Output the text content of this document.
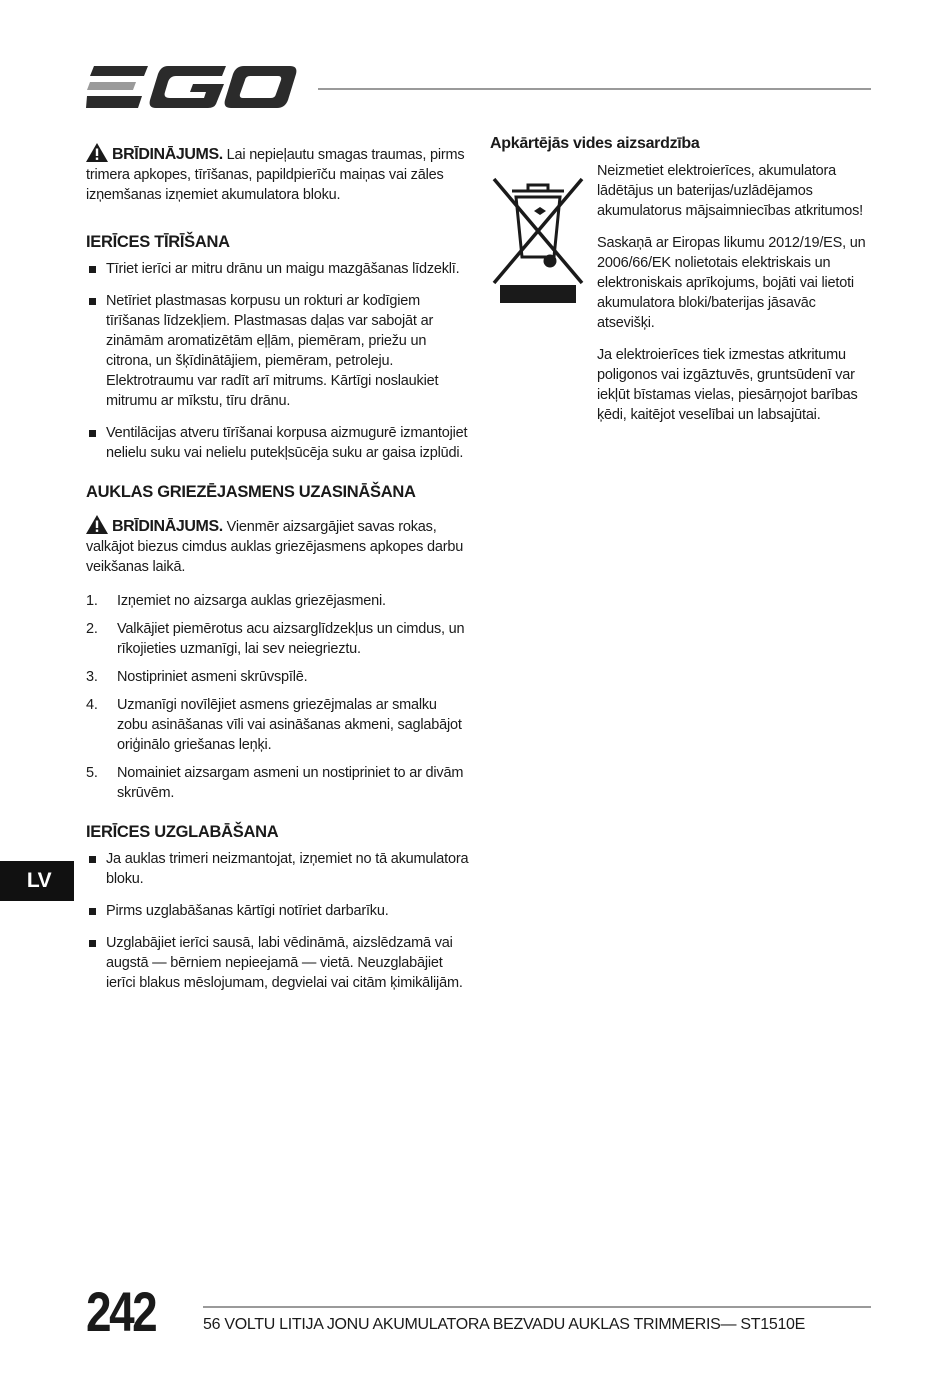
BRĪDINĀJUMS. Lai nepieļautu smagas traumas, pirms trimera apkopes, tīrīšanas, papildpierīču maiņas vai zāles izņemšanas izņemiet akumulatora bloku.

IERĪCES TĪRĪŠANA
Tīriet ierīci ar mitru drānu un maigu mazgāšanas līdzeklī.
Netīriet plastmasas korpusu un rokturi ar kodīgiem tīrīšanas līdzekļiem. Plastmasas daļas var sabojāt ar zināmām aromatizētām eļļām, piemēram, priežu un citrona, un šķīdinātājiem, piemēram, petroleju. Elektrotraumu var radīt arī mitrums. Kārtīgi noslaukiet mitrumu ar mīkstu, tīru drānu.
Ventilācijas atveru tīrīšanai korpusa aizmugurē izmantojiet nelielu suku vai nelielu putekļsūcēja suku ar gaisa izplūdi.
AUKLAS GRIEZĒJASMENS UZASINĀŠANA

BRĪDINĀJUMS. Vienmēr aizsargājiet savas rokas, valkājot biezus cimdus auklas griezējasmens apkopes darbu veikšanas laikā.

1. Izņemiet no aizsarga auklas griezējasmeni.
2. Valkājiet piemērotus acu aizsarglīdzekļus un cimdus, un rīkojieties uzmanīgi, lai sev neiegrieztu.
3. Nostipriniet asmeni skrūvspīlē.
4. Uzmanīgi novīlējiet asmens griezējmalas ar smalku zobu asināšanas vīli vai asināšanas akmeni, saglabājot oriģinālo griešanas leņķi.
5. Nomainiet aizsargam asmeni un nostipriniet to ar divām skrūvēm.
IERĪCES UZGLABĀŠANA
Ja auklas trimeri neizmantojat, izņemiet no tā akumulatora bloku.
Pirms uzglabāšanas kārtīgi notīriet darbarīku.
Uzglabājiet ierīci sausā, labi vēdināmā, aizslēdzamā vai augstā — bērniem nepieejamā — vietā. Neuzglabājiet ierīci blakus mēslojumam, degvielai vai citām ķimikālijām.
Apkārtējās vides aizsardzība

Neizmetiet elektroierīces, akumulatora lādētājus un baterijas/uzlādējamos akumulatorus mājsaimniecības atkritumos!

Saskaņā ar Eiropas likumu 2012/19/ES, un 2006/66/EK nolietotais elektriskais un elektroniskais aprīkojums, bojāti vai lietoti akumulatora bloki/baterijas jāsavāc atsevišķi.

Ja elektroierīces tiek izmestas atkritumu poligonos vai izgāztuvēs, gruntsūdenī var iekļūt bīstamas vielas, piesārņojot barības ķēdi, kaitējot veselībai un labsajūtai.

LV
242	56 VOLTU LITIJA JONU AKUMULATORA BEZVADU AUKLAS TRIMMERIS— ST1510E
